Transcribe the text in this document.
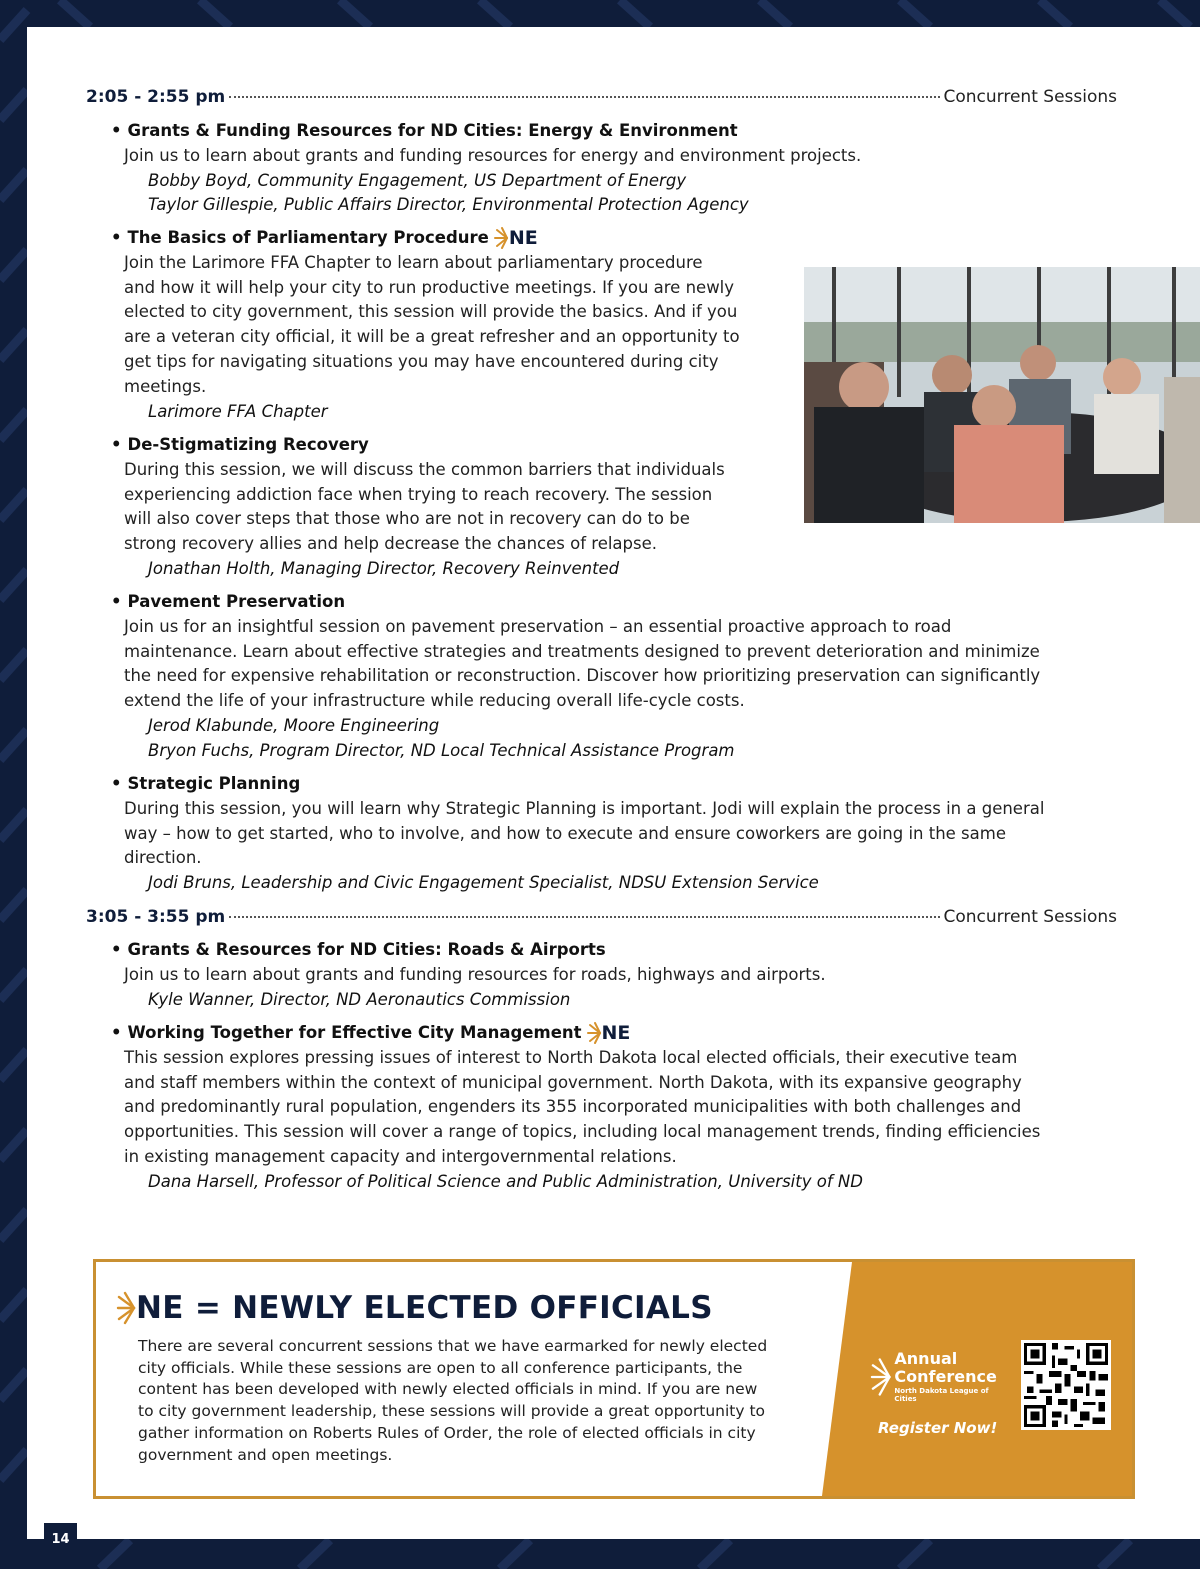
2:05 - 2:55 pm	Concurrent Sessions
• Grants & Funding Resources for ND Cities: Energy & Environment
Join us to learn about grants and funding resources for energy and environment projects.
Bobby Boyd, Community Engagement, US Department of Energy
Taylor Gillespie, Public Affairs Director, Environmental Protection Agency
• The Basics of Parliamentary Procedure NE
Join the Larimore FFA Chapter to learn about parliamentary procedure
and how it will help your city to run productive meetings. If you are newly
elected to city government, this session will provide the basics. And if you
are a veteran city official, it will be a great refresher and an opportunity to
get tips for navigating situations you may have encountered during city
meetings.
Larimore FFA Chapter
• De-Stigmatizing Recovery
During this session, we will discuss the common barriers that individuals
experiencing addiction face when trying to reach recovery. The session
will also cover steps that those who are not in recovery can do to be
strong recovery allies and help decrease the chances of relapse.
Jonathan Holth, Managing Director, Recovery Reinvented
• Pavement Preservation
Join us for an insightful session on pavement preservation – an essential proactive approach to road
maintenance. Learn about effective strategies and treatments designed to prevent deterioration and minimize
the need for expensive rehabilitation or reconstruction. Discover how prioritizing preservation can significantly
extend the life of your infrastructure while reducing overall life-cycle costs.
Jerod Klabunde, Moore Engineering
Bryon Fuchs, Program Director, ND Local Technical Assistance Program
• Strategic Planning
During this session, you will learn why Strategic Planning is important. Jodi will explain the process in a general
way – how to get started, who to involve, and how to execute and ensure coworkers are going in the same
direction.
Jodi Bruns, Leadership and Civic Engagement Specialist, NDSU Extension Service
3:05 - 3:55 pm	Concurrent Sessions
• Grants & Resources for ND Cities: Roads & Airports
Join us to learn about grants and funding resources for roads, highways and airports.
Kyle Wanner, Director, ND Aeronautics Commission
• Working Together for Effective City Management NE
This session explores pressing issues of interest to North Dakota local elected officials, their executive team
and staff members within the context of municipal government. North Dakota, with its expansive geography
and predominantly rural population, engenders its 355 incorporated municipalities with both challenges and
opportunities. This session will cover a range of topics, including local management trends, finding efficiencies
in existing management capacity and intergovernmental relations.
Dana Harsell, Professor of Political Science and Public Administration, University of ND
NE = NEWLY ELECTED OFFICIALS
There are several concurrent sessions that we have earmarked for newly elected
city officials. While these sessions are open to all conference participants, the
content has been developed with newly elected officials in mind. If you are new
to city government leadership, these sessions will provide a great opportunity to
gather information on Roberts Rules of Order, the role of elected officials in city
government and open meetings.
Annual
Conference
North Dakota League of Cities
Register Now!
14
